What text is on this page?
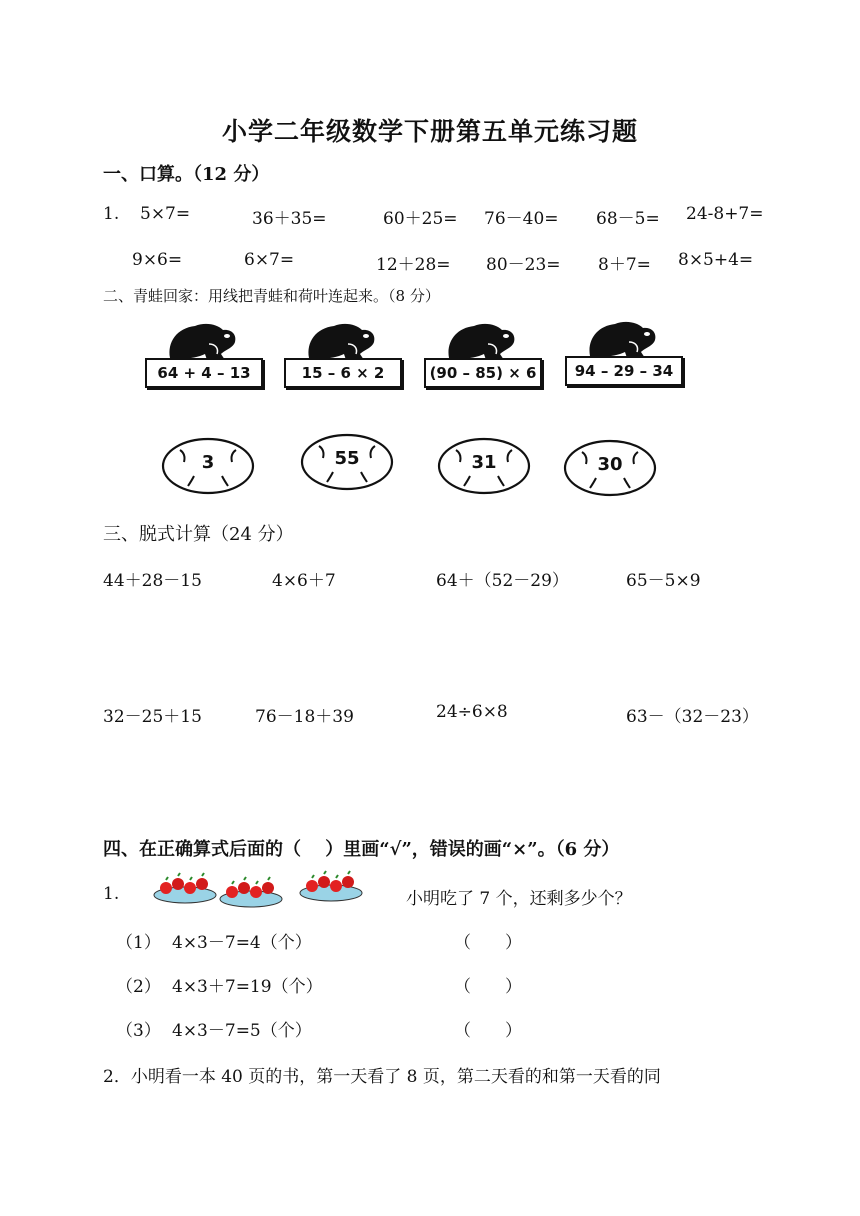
小学二年级数学下册第五单元练习题
一、口算。（12 分）
1. 5×7=	36＋35=	60＋25= 76－40= 68－5= 24-8+7=
9×6=	6×7=	12＋28= 80－23= 8＋7= 8×5+4=
二、青蛙回家：用线把青蛙和荷叶连起来。（8 分）
64 + 4 – 13	15 – 6 × 2	(90 – 85) × 6	94 – 29 – 34
3	55	31	30
三、脱式计算（24 分）
44＋28－15	4×6＋7	64＋（52－29）	65－5×9
32－25＋15	76－18＋39	24÷6×8	63－（32－23）
四、在正确算式后面的（　 ）里画“√”，错误的画“×”。（6 分）
1.	小明吃了 7 个，还剩多少个？
（1） 4×3－7=4（个）	（　　）
（2） 4×3＋7=19（个）	（　　）
（3） 4×3－7=5（个）	（　　）
2．小明看一本 40 页的书，第一天看了 8 页，第二天看的和第一天看的同
